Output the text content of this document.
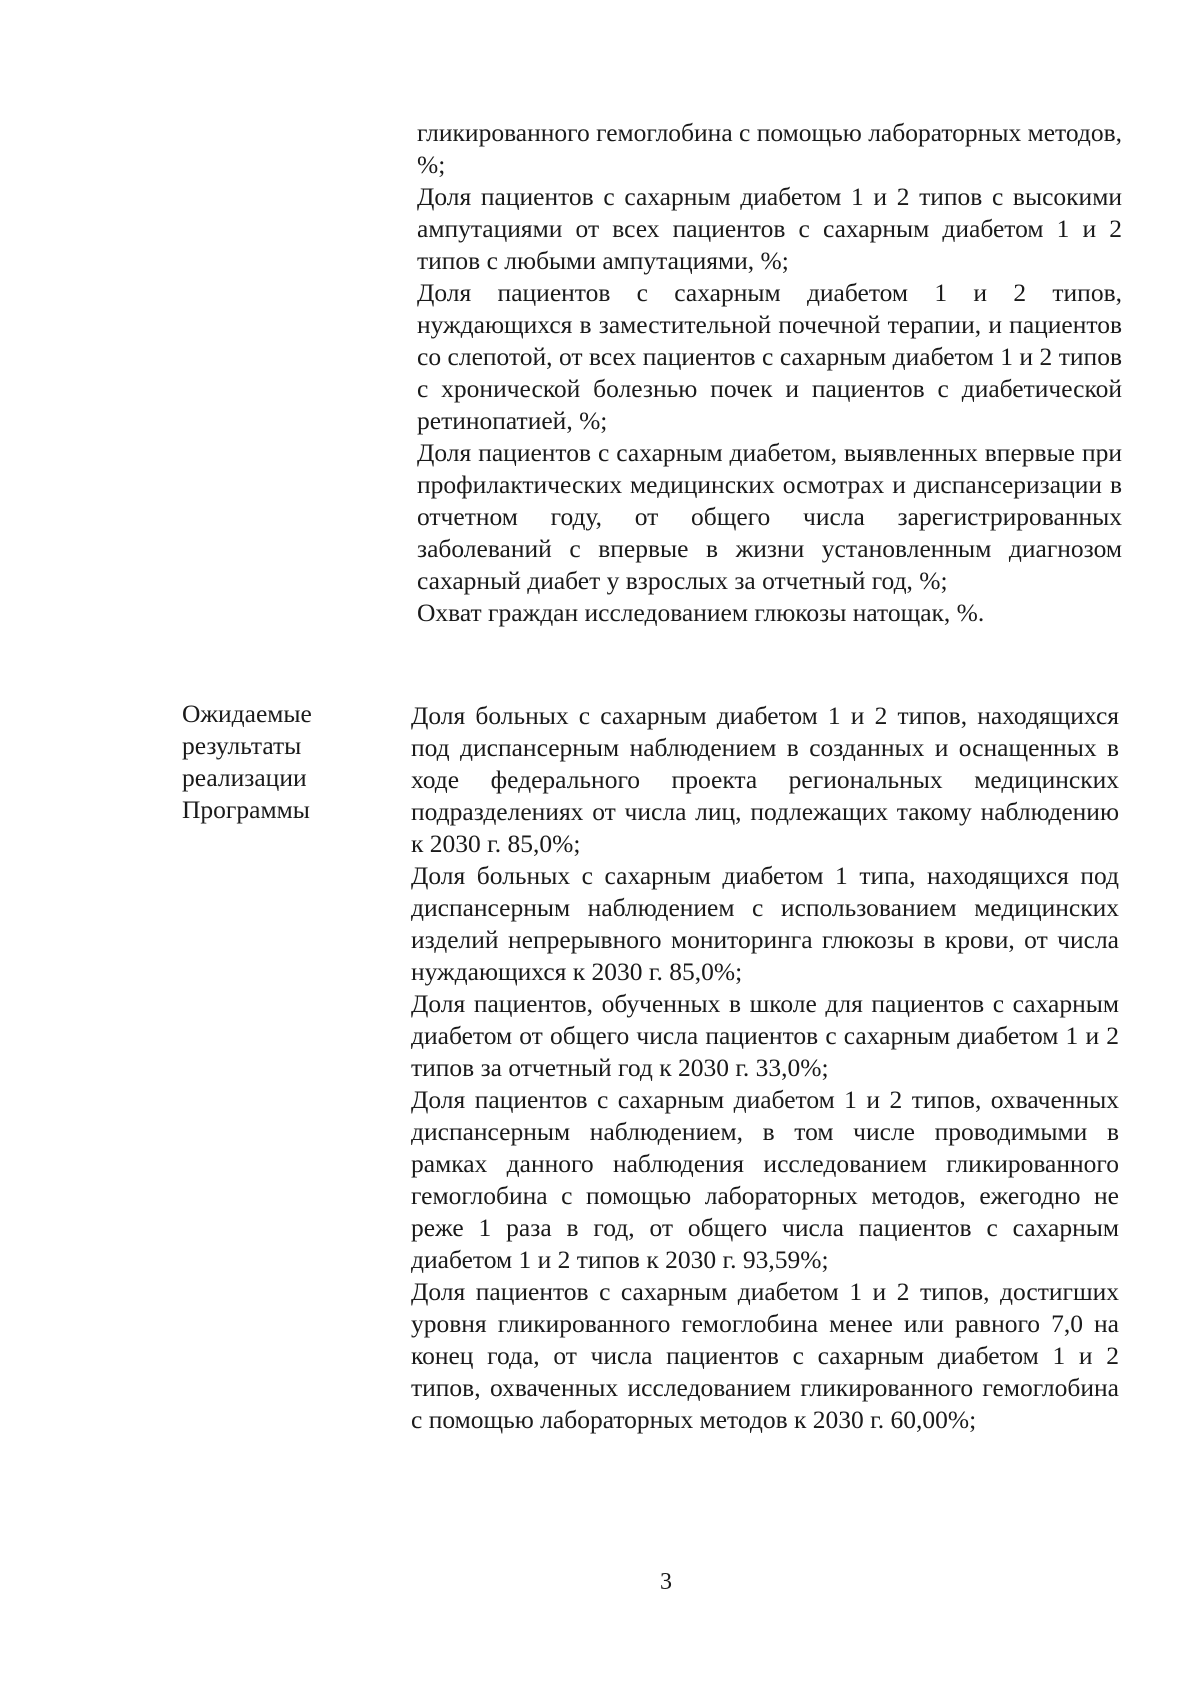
гликированного гемоглобина с помощью лабораторных методов, %;

Доля пациентов с сахарным диабетом 1 и 2 типов с высокими ампутациями от всех пациентов с сахарным диабетом 1 и 2 типов с любыми ампутациями, %;

Доля пациентов с сахарным диабетом 1 и 2 типов, нуждающихся в заместительной почечной терапии, и пациентов со слепотой, от всех пациентов с сахарным диабетом 1 и 2 типов с хронической болезнью почек и пациентов с диабетической ретинопатией, %;

Доля пациентов с сахарным диабетом, выявленных впервые при профилактических медицинских осмотрах и диспансеризации в отчетном году, от общего числа зарегистрированных заболеваний с впервые в жизни установленным диагнозом сахарный диабет у взрослых за отчетный год, %;

Охват граждан исследованием глюкозы натощак, %.

Ожидаемые
результаты
реализации
Программы

Доля больных с сахарным диабетом 1 и 2 типов, находящихся под диспансерным наблюдением в созданных и оснащенных в ходе федерального проекта региональных медицинских подразделениях от числа лиц, подлежащих такому наблюдению к 2030 г. 85,0%;

Доля больных с сахарным диабетом 1 типа, находящихся под диспансерным наблюдением с использованием медицинских изделий непрерывного мониторинга глюкозы в крови, от числа нуждающихся к 2030 г. 85,0%;

Доля пациентов, обученных в школе для пациентов с сахарным диабетом от общего числа пациентов с сахарным диабетом 1 и 2 типов за отчетный год к 2030 г. 33,0%;

Доля пациентов с сахарным диабетом 1 и 2 типов, охваченных диспансерным наблюдением, в том числе проводимыми в рамках данного наблюдения исследованием гликированного гемоглобина с помощью лабораторных методов, ежегодно не реже 1 раза в год, от общего числа пациентов с сахарным диабетом 1 и 2 типов к 2030 г. 93,59%;

Доля пациентов с сахарным диабетом 1 и 2 типов, достигших уровня гликированного гемоглобина менее или равного 7,0 на конец года, от числа пациентов с сахарным диабетом 1 и 2 типов, охваченных исследованием гликированного гемоглобина с помощью лабораторных методов к 2030 г. 60,00%;

3
